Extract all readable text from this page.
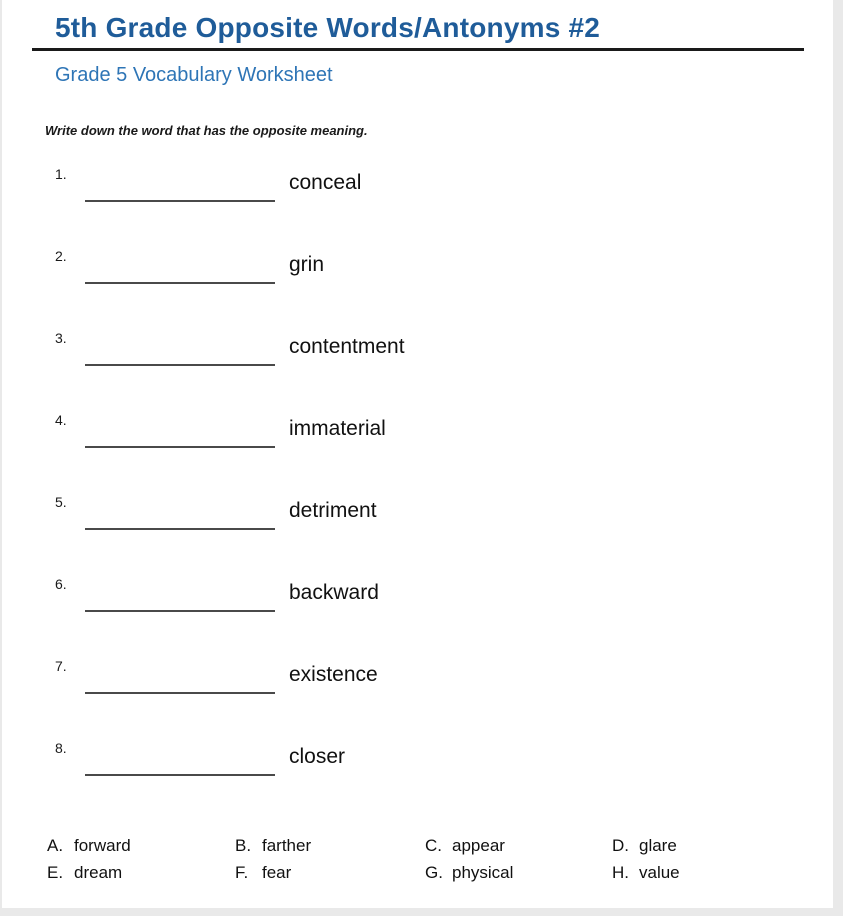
5th Grade Opposite Words/Antonyms #2
Grade 5 Vocabulary Worksheet

Write down the word that has the opposite meaning.

1.	conceal
2.	grin
3.	contentment
4.	immaterial
5.	detriment
6.	backward
7.	existence
8.	closer
A. forward	B. farther	C. appear	D. glare
E. dream	F. fear	G. physical	H. value
